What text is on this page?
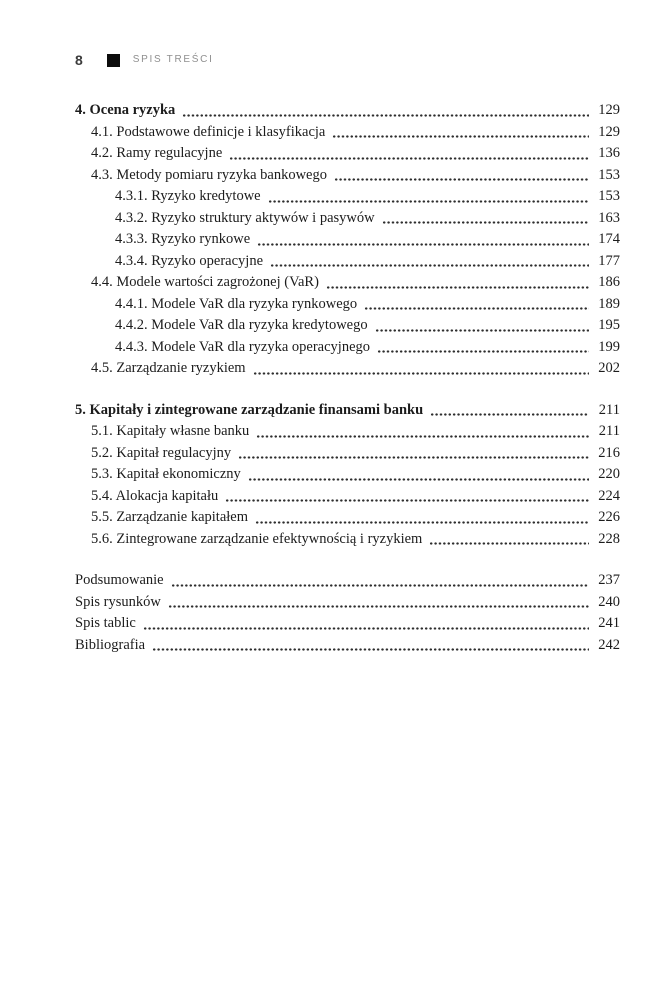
8	SPIS TREŚCI
4. Ocena ryzyka	129
4.1. Podstawowe definicje i klasyfikacja	129
4.2. Ramy regulacyjne	136
4.3. Metody pomiaru ryzyka bankowego	153
4.3.1. Ryzyko kredytowe	153
4.3.2. Ryzyko struktury aktywów i pasywów	163
4.3.3. Ryzyko rynkowe	174
4.3.4. Ryzyko operacyjne	177
4.4. Modele wartości zagrożonej (VaR)	186
4.4.1. Modele VaR dla ryzyka rynkowego	189
4.4.2. Modele VaR dla ryzyka kredytowego	195
4.4.3. Modele VaR dla ryzyka operacyjnego	199
4.5. Zarządzanie ryzykiem	202
5. Kapitały i zintegrowane zarządzanie finansami banku	211
5.1. Kapitały własne banku	211
5.2. Kapitał regulacyjny	216
5.3. Kapitał ekonomiczny	220
5.4. Alokacja kapitału	224
5.5. Zarządzanie kapitałem	226
5.6. Zintegrowane zarządzanie efektywnością i ryzykiem	228
Podsumowanie	237
Spis rysunków	240
Spis tablic	241
Bibliografia	242
